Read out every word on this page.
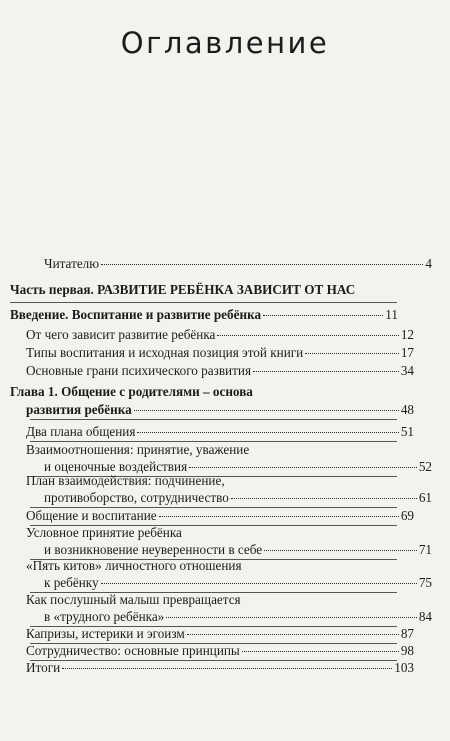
Оглавление
Читателю	4
Часть первая. РАЗВИТИЕ РЕБЁНКА ЗАВИСИТ ОТ НАС
Введение. Воспитание и развитие ребёнка	11
От чего зависит развитие ребёнка	12
Типы воспитания и исходная позиция этой книги	17
Основные грани психического развития	34
Глава 1. Общение с родителями – основа
развития ребёнка	48
Два плана общения	51
Взаимоотношения: принятие, уважение
и оценочные воздействия	52
План взаимодействия: подчинение,
противоборство, сотрудничество	61
Общение и воспитание	69
Условное принятие ребёнка
и возникновение неуверенности в себе	71
«Пять китов» личностного отношения
к ребёнку	75
Как послушный малыш превращается
в «трудного ребёнка»	84
Капризы, истерики и эгоизм	87
Сотрудничество: основные принципы	98
Итоги	103
